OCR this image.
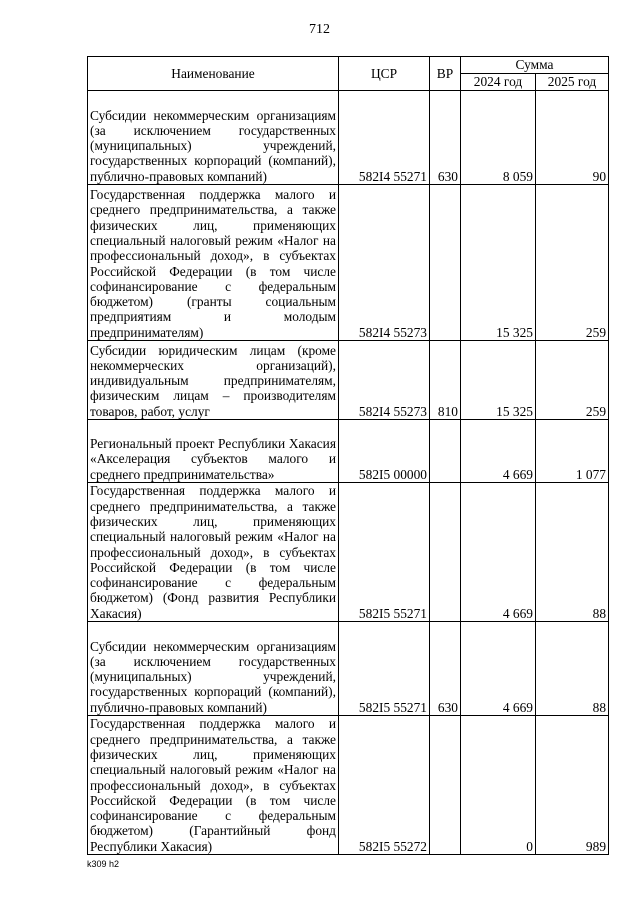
712
Наименование	ЦСР	ВР	Сумма	
			2024 год	2025 год
Субсидии некоммерческим организациям (за исключением государственных (муниципальных) учреждений, государственных корпораций (компаний), публично-правовых компаний)	582I4 55271	630	8 059	90
Государственная поддержка малого и среднего предпринимательства, а также физических лиц, применяющих специальный налоговый режим «Налог на профессиональный доход», в субъектах Российской Федерации (в том числе софинансирование с федеральным бюджетом) (гранты социальным предприятиям и молодым предпринимателям)	582I4 55273		15 325	259
Субсидии юридическим лицам (кроме некоммерческих организаций), индивидуальным предпринимателям, физическим лицам – производителям товаров, работ, услуг	582I4 55273	810	15 325	259
Региональный проект Республики Хакасия «Акселерация субъектов малого и среднего предпринимательства»	582I5 00000		4 669	1 077
Государственная поддержка малого и среднего предпринимательства, а также физических лиц, применяющих специальный налоговый режим «Налог на профессиональный доход», в субъектах Российской Федерации (в том числе софинансирование с федеральным бюджетом) (Фонд развития Республики Хакасия)	582I5 55271		4 669	88
Субсидии некоммерческим организациям (за исключением государственных (муниципальных) учреждений, государственных корпораций (компаний), публично-правовых компаний)	582I5 55271	630	4 669	88
Государственная поддержка малого и среднего предпринимательства, а также физических лиц, применяющих специальный налоговый режим «Налог на профессиональный доход», в субъектах Российской Федерации (в том числе софинансирование с федеральным бюджетом) (Гарантийный фонд Республики Хакасия)	582I5 55272		0	989
k309 h2
